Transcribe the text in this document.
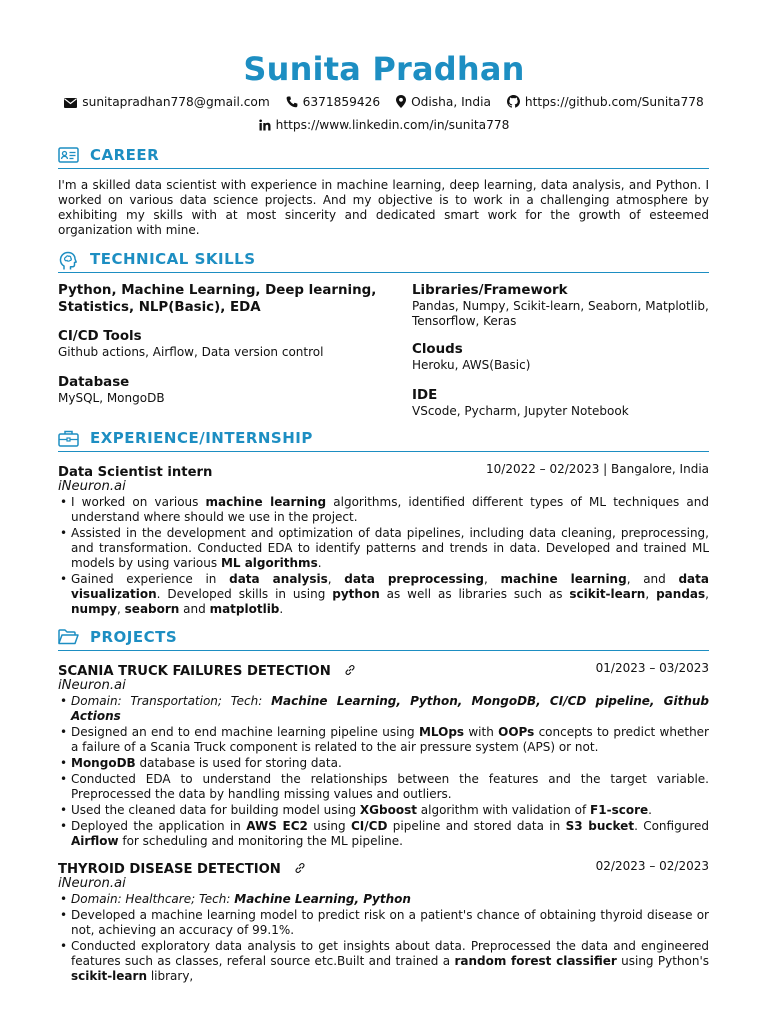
Sunita Pradhan
sunitapradhan778@gmail.com	6371859426	Odisha, India	https://github.com/Sunita778
https://www.linkedin.com/in/sunita778
CAREER
I'm a skilled data scientist with experience in machine learning, deep learning, data analysis, and Python. I worked on various data science projects. And my objective is to work in a challenging atmosphere by exhibiting my skills with at most sincerity and dedicated smart work for the growth of esteemed organization with mine.
TECHNICAL SKILLS
Python, Machine Learning, Deep learning, Statistics, NLP(Basic), EDA
CI/CD Tools
Github actions, Airflow, Data version control
Database
MySQL, MongoDB
Libraries/Framework
Pandas, Numpy, Scikit-learn, Seaborn, Matplotlib, Tensorflow, Keras
Clouds
Heroku, AWS(Basic)
IDE
VScode, Pycharm, Jupyter Notebook
EXPERIENCE/INTERNSHIP
Data Scientist intern	10/2022 – 02/2023 | Bangalore, India
iNeuron.ai
• I worked on various machine learning algorithms, identified different types of ML techniques and understand where should we use in the project.
• Assisted in the development and optimization of data pipelines, including data cleaning, preprocessing, and transformation. Conducted EDA to identify patterns and trends in data. Developed and trained ML models by using various ML algorithms.
• Gained experience in data analysis, data preprocessing, machine learning, and data visualization. Developed skills in using python as well as libraries such as scikit-learn, pandas, numpy, seaborn and matplotlib.
PROJECTS
SCANIA TRUCK FAILURES DETECTION	01/2023 – 03/2023
iNeuron.ai
• Domain: Transportation; Tech: Machine Learning, Python, MongoDB, CI/CD pipeline, Github Actions
• Designed an end to end machine learning pipeline using MLOps with OOPs concepts to predict whether a failure of a Scania Truck component is related to the air pressure system (APS) or not.
• MongoDB database is used for storing data.
• Conducted EDA to understand the relationships between the features and the target variable. Preprocessed the data by handling missing values and outliers.
• Used the cleaned data for building model using XGboost algorithm with validation of F1-score.
• Deployed the application in AWS EC2 using CI/CD pipeline and stored data in S3 bucket. Configured Airflow for scheduling and monitoring the ML pipeline.
THYROID DISEASE DETECTION	02/2023 – 02/2023
iNeuron.ai
• Domain: Healthcare; Tech: Machine Learning, Python
• Developed a machine learning model to predict risk on a patient's chance of obtaining thyroid disease or not, achieving an accuracy of 99.1%.
• Conducted exploratory data analysis to get insights about data. Preprocessed the data and engineered features such as classes, referal source etc.Built and trained a random forest classifier using Python's scikit-learn library,
